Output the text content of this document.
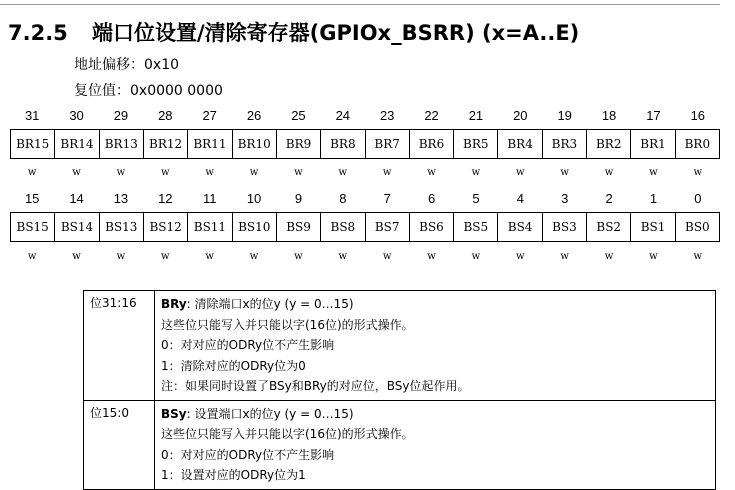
7.2.5 端口位设置/清除寄存器(GPIOx_BSRR) (x=A..E)
地址偏移：0x10
复位值：0x0000 0000
31	30	29	28	27	26	25	24	23	22	21	20	19	18	17	16
BR15 BR14 BR13 BR12 BR11 BR10	BR9	BR8	BR7	BR6	BR5	BR4	BR3	BR2	BR1	BR0
w	w	w	w	w	w	w	w	w	w	w	w	w	w	w	w
15	14	13	12	11	10	9	8	7	6	5	4	3	2	1	0
BS15	BS14	BS13	BS12	BS11	BS10	BS9	BS8	BS7	BS6	BS5	BS4	BS3	BS2	BS1	BS0
w	w	w	w	w	w	w	w	w	w	w	w	w	w	w	w
位31:16	BRy: 清除端口x的位y (y = 0…15)
这些位只能写入并只能以字(16位)的形式操作。
0：对对应的ODRy位不产生影响
1：清除对应的ODRy位为0
注：如果同时设置了BSy和BRy的对应位，BSy位起作用。

位15:0	BSy: 设置端口x的位y (y = 0…15)
这些位只能写入并只能以字(16位)的形式操作。
0：对对应的ODRy位不产生影响
1：设置对应的ODRy位为1
